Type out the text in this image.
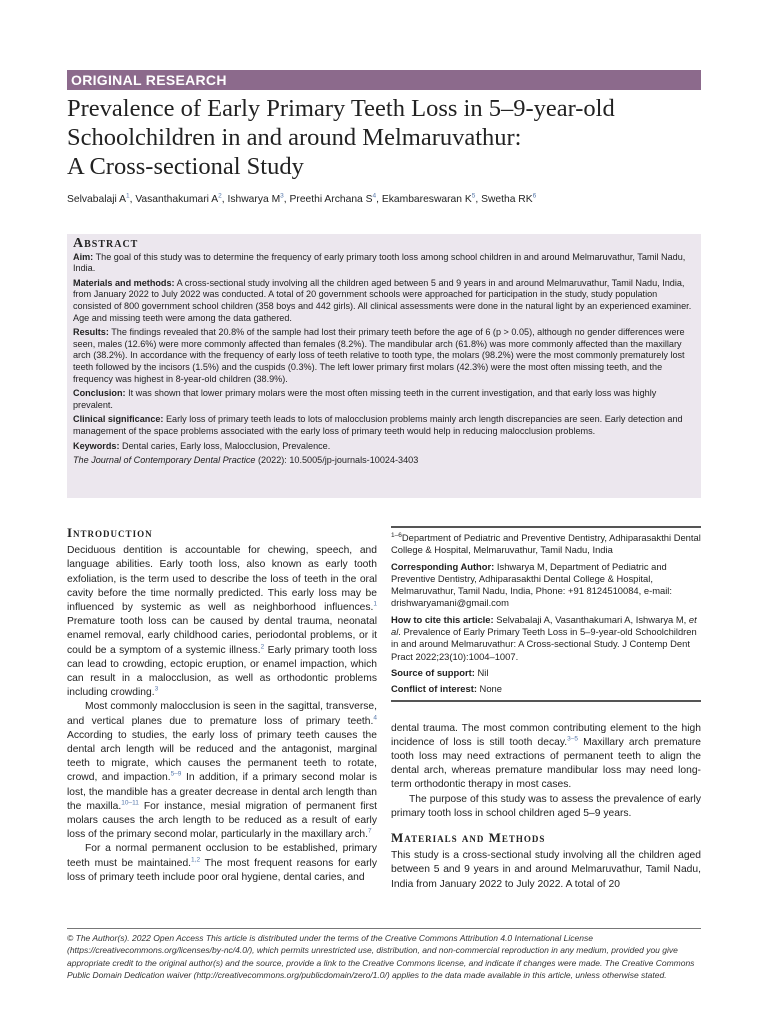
ORIGINAL RESEARCH
Prevalence of Early Primary Teeth Loss in 5–9-year-old
Schoolchildren in and around Melmaruvathur:
A Cross-sectional Study
Selvabalaji $A^1$, Vasanthakumari $A^2$, Ishwarya $M^3$, Preethi Archana $S^4$, Ekambareswaran $K^5$, Swetha $RK^6$
Abstract

Aim: The goal of this study was to determine the frequency of early primary tooth loss among school children in and around Melmaruvathur, Tamil Nadu, India.

Materials and methods: A cross-sectional study involving all the children aged between 5 and 9 years in and around Melmaruvathur, Tamil Nadu, India, from January 2022 to July 2022 was conducted. A total of 20 government schools were approached for participation in the study, study population consisted of 800 government school children (358 boys and 442 girls). All clinical assessments were done in the natural light by an experienced examiner. Age and missing teeth were among the data gathered.

Results: The findings revealed that 20.8% of the sample had lost their primary teeth before the age of 6 (p > 0.05), although no gender differences were seen, males (12.6%) were more commonly affected than females (8.2%). The mandibular arch (61.8%) was more commonly affected than the maxillary arch (38.2%). In accordance with the frequency of early loss of teeth relative to tooth type, the molars (98.2%) were the most commonly prematurely lost teeth followed by the incisors (1.5%) and the cuspids (0.3%). The left lower primary first molars (42.3%) were the most often missing teeth, and the frequency was highest in 8-year-old children (38.9%).

Conclusion: It was shown that lower primary molars were the most often missing teeth in the current investigation, and that early loss was highly prevalent.

Clinical significance: Early loss of primary teeth leads to lots of malocclusion problems mainly arch length discrepancies are seen. Early detection and management of the space problems associated with the early loss of primary teeth would help in reducing malocclusion problems.

Keywords: Dental caries, Early loss, Malocclusion, Prevalence.

The Journal of Contemporary Dental Practice (2022): 10.5005/jp-journals-10024-3403

Introduction

Deciduous dentition is accountable for chewing, speech, and language abilities. Early tooth loss, also known as early tooth exfoliation, is the term used to describe the loss of teeth in the oral cavity before the time normally predicted. This early loss may be influenced by systemic as well as neighborhood influences.$^1$ Premature tooth loss can be caused by dental trauma, neonatal enamel removal, early childhood caries, periodontal problems, or it could be a symptom of a systemic illness.$^2$ Early primary tooth loss can lead to crowding, ectopic eruption, or enamel impaction, which can result in a malocclusion, as well as orthodontic problems including crowding.$^3$

Most commonly malocclusion is seen in the sagittal, transverse, and vertical planes due to premature loss of primary teeth.$^4$ According to studies, the early loss of primary teeth causes the dental arch length will be reduced and the antagonist, marginal teeth to migrate, which causes the permanent teeth to rotate, crowd, and impaction.$^{5-9}$ In addition, if a primary second molar is lost, the mandible has a greater decrease in dental arch length than the maxilla.$^{10-11}$ For instance, mesial migration of permanent first molars causes the arch length to be reduced as a result of early loss of the primary second molar, particularly in the maxillary arch.$^7$

For a normal permanent occlusion to be established, primary teeth must be maintained.$^{1,2}$ The most frequent reasons for early loss of primary teeth include poor oral hygiene, dental caries, and

$^{1-6}$Department of Pediatric and Preventive Dentistry, Adhiparasakthi Dental College & Hospital, Melmaruvathur, Tamil Nadu, India

Corresponding Author: Ishwarya M, Department of Pediatric and Preventive Dentistry, Adhiparasakthi Dental College & Hospital, Melmaruvathur, Tamil Nadu, India, Phone: +91 8124510084, e-mail: drishwaryamani@gmail.com

How to cite this article: Selvabalaji A, Vasanthakumari A, Ishwarya M, et al. Prevalence of Early Primary Teeth Loss in 5–9-year-old Schoolchildren in and around Melmaruvathur: A Cross-sectional Study. J Contemp Dent Pract 2022;23(10):1004–1007.

Source of support: Nil

Conflict of interest: None

dental trauma. The most common contributing element to the high incidence of loss is still tooth decay.$^{3-5}$ Maxillary arch premature tooth loss may need extractions of permanent teeth to align the dental arch, whereas premature mandibular loss may need long-term orthodontic therapy in most cases.

The purpose of this study was to assess the prevalence of early primary tooth loss in school children aged 5–9 years.

Materials and Methods

This study is a cross-sectional study involving all the children aged between 5 and 9 years in and around Melmaruvathur, Tamil Nadu, India from January 2022 to July 2022. A total of 20

© The Author(s). 2022 Open Access This article is distributed under the terms of the Creative Commons Attribution 4.0 International License (https://creativecommons.org/licenses/by-nc/4.0/), which permits unrestricted use, distribution, and non-commercial reproduction in any medium, provided you give appropriate credit to the original author(s) and the source, provide a link to the Creative Commons license, and indicate if changes were made. The Creative Commons Public Domain Dedication waiver (http://creativecommons.org/publicdomain/zero/1.0/) applies to the data made available in this article, unless otherwise stated.
